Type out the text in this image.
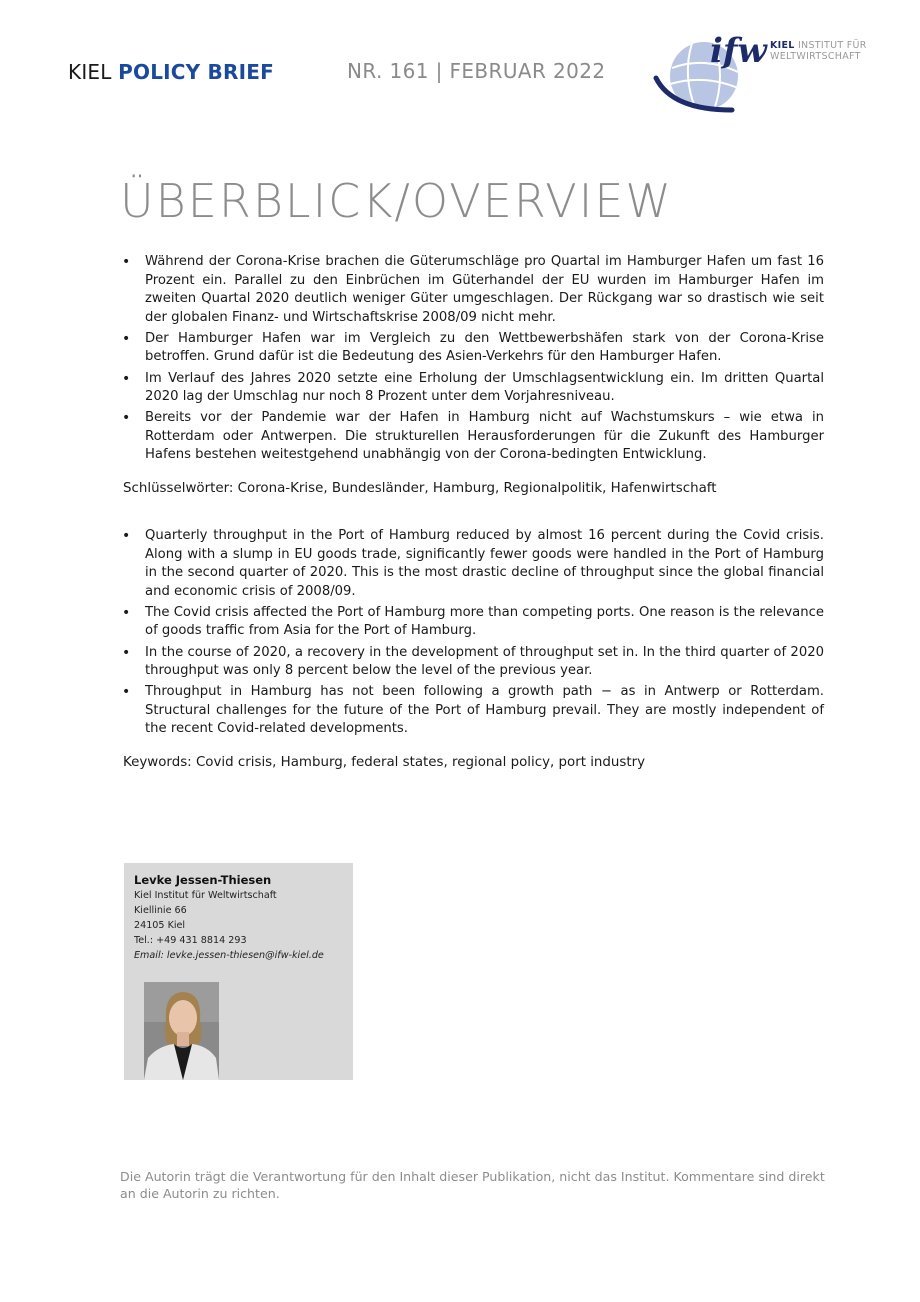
KIEL POLICY BRIEF	NR. 161 | FEBRUAR 2022	ifw KIEL INSTITUT FÜR
WELTWIRTSCHAFT
ÜBERBLICK/OVERVIEW
• Während der Corona-Krise brachen die Güterumschläge pro Quartal im Hamburger Hafen um fast 16 Prozent ein. Parallel zu den Einbrüchen im Güterhandel der EU wurden im Hamburger Hafen im zweiten Quartal 2020 deutlich weniger Güter umgeschlagen. Der Rückgang war so drastisch wie seit der globalen Finanz- und Wirtschaftskrise 2008/09 nicht mehr.
• Der Hamburger Hafen war im Vergleich zu den Wettbewerbshäfen stark von der Corona-Krise betroffen. Grund dafür ist die Bedeutung des Asien-Verkehrs für den Hamburger Hafen.
• Im Verlauf des Jahres 2020 setzte eine Erholung der Umschlagsentwicklung ein. Im dritten Quartal 2020 lag der Umschlag nur noch 8 Prozent unter dem Vorjahresniveau.
• Bereits vor der Pandemie war der Hafen in Hamburg nicht auf Wachstumskurs – wie etwa in Rotterdam oder Antwerpen. Die strukturellen Herausforderungen für die Zukunft des Hamburger Hafens bestehen weitestgehend unabhängig von der Corona-bedingten Entwicklung.
Schlüsselwörter: Corona-Krise, Bundesländer, Hamburg, Regionalpolitik, Hafenwirtschaft
• Quarterly throughput in the Port of Hamburg reduced by almost 16 percent during the Covid crisis. Along with a slump in EU goods trade, significantly fewer goods were handled in the Port of Hamburg in the second quarter of 2020. This is the most drastic decline of throughput since the global financial and economic crisis of 2008/09.
• The Covid crisis affected the Port of Hamburg more than competing ports. One reason is the relevance of goods traffic from Asia for the Port of Hamburg.
• In the course of 2020, a recovery in the development of throughput set in. In the third quarter of 2020 throughput was only 8 percent below the level of the previous year.
• Throughput in Hamburg has not been following a growth path − as in Antwerp or Rotterdam. Structural challenges for the future of the Port of Hamburg prevail. They are mostly independent of the recent Covid-related developments.
Keywords: Covid crisis, Hamburg, federal states, regional policy, port industry
Levke Jessen-Thiesen
Kiel Institut für Weltwirtschaft
Kiellinie 66
24105 Kiel
Tel.: +49 431 8814 293
Email: levke.jessen-thiesen@ifw-kiel.de
Die Autorin trägt die Verantwortung für den Inhalt dieser Publikation, nicht das Institut. Kommentare sind direkt an die Autorin zu richten.
